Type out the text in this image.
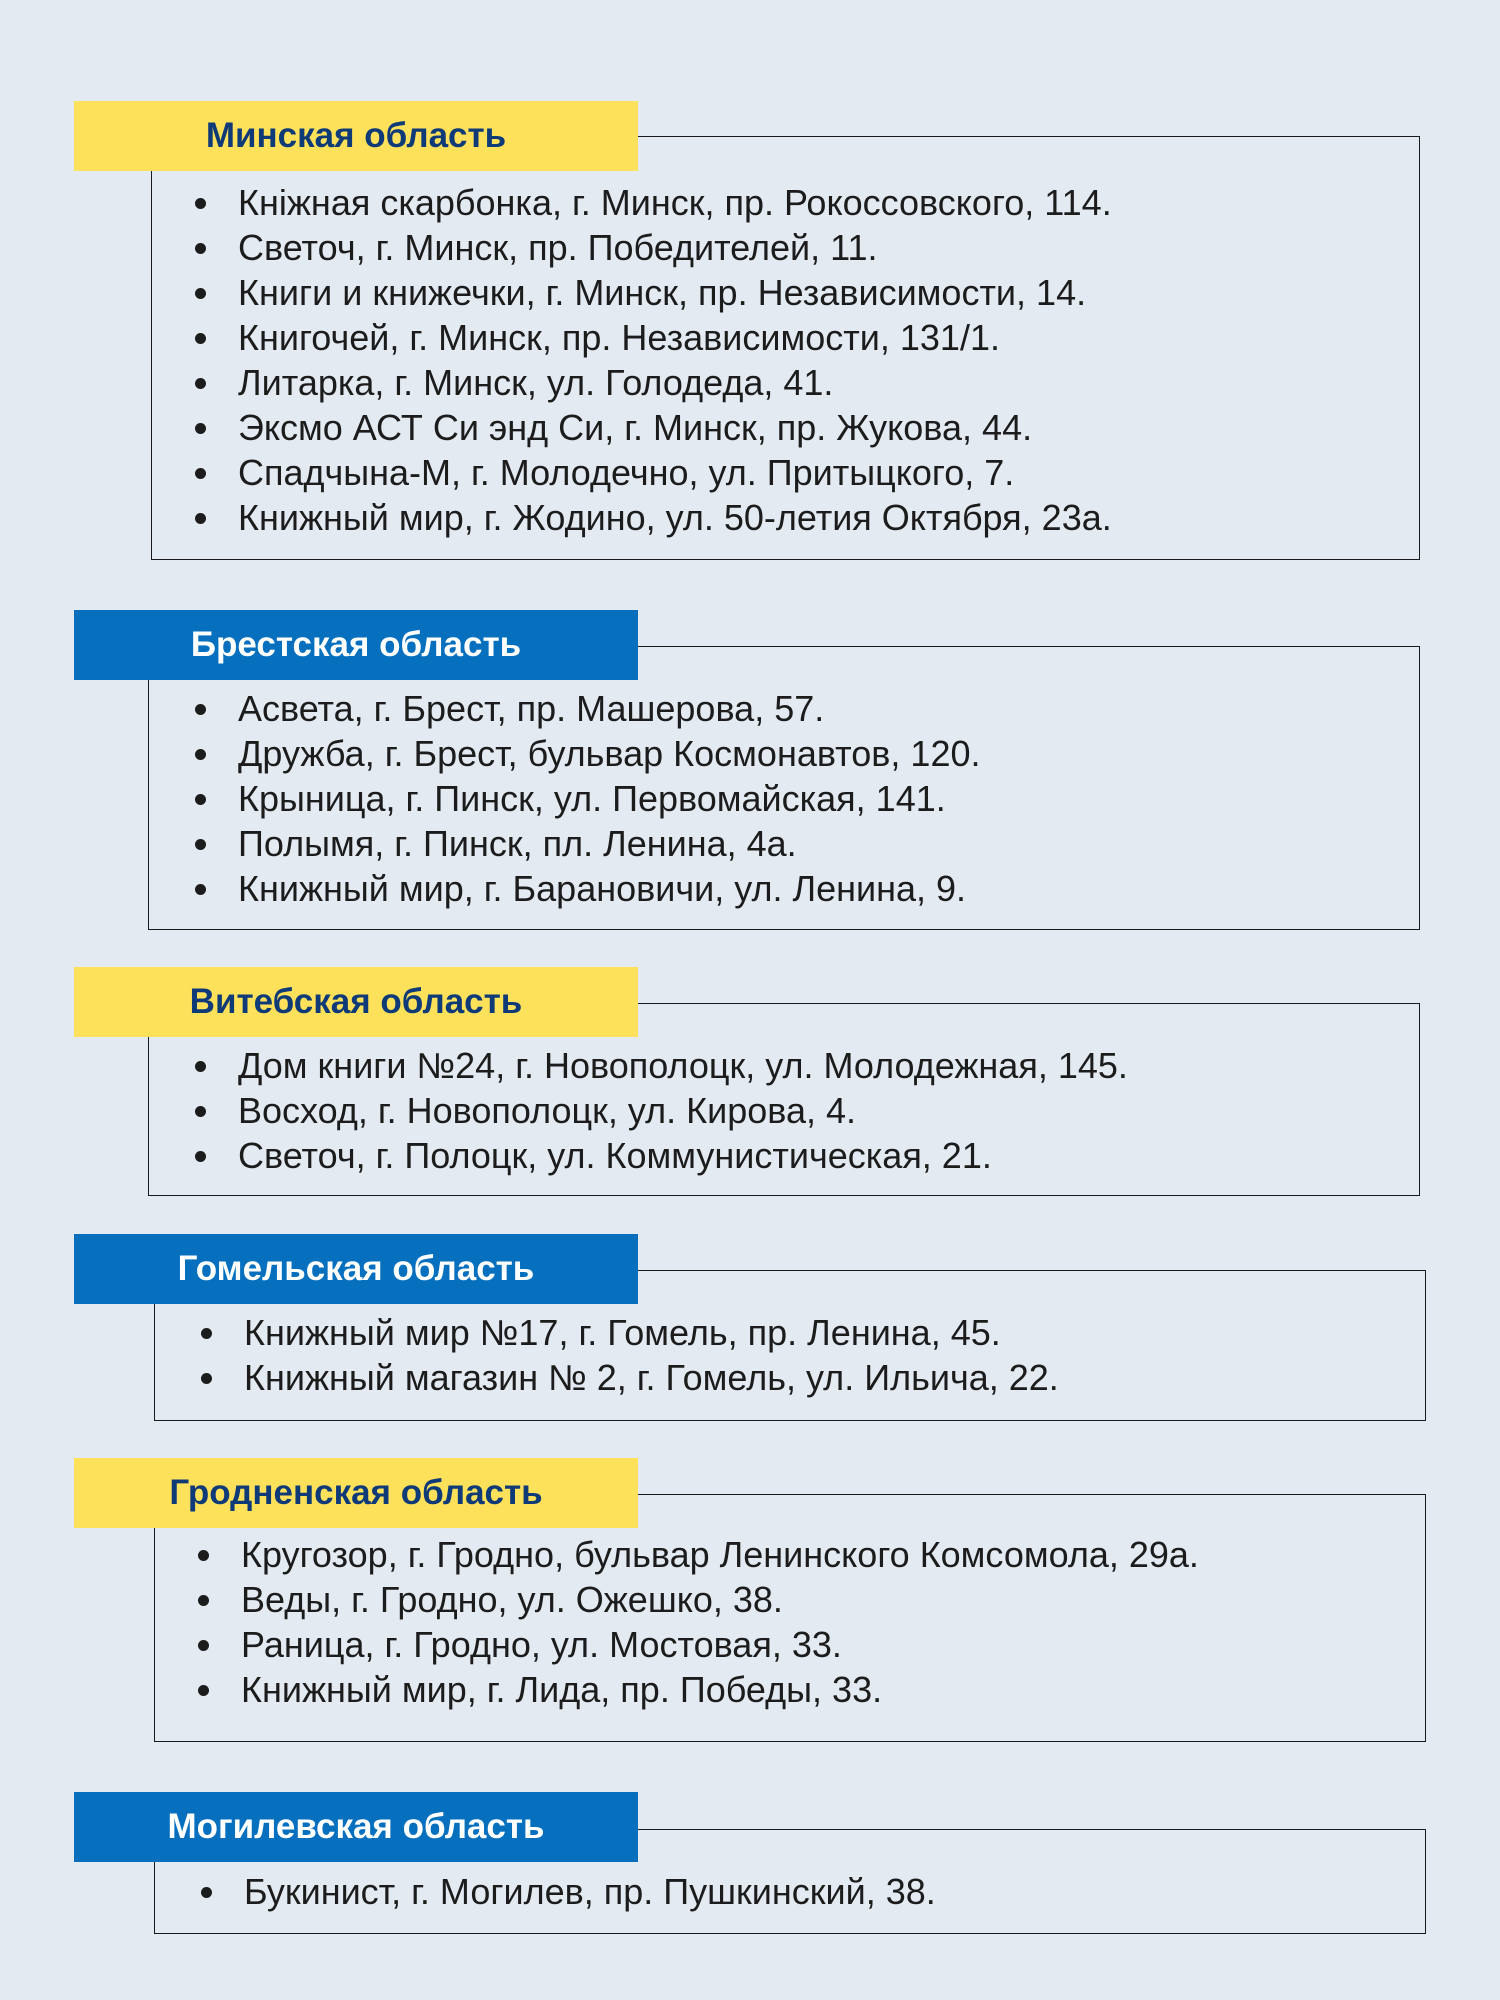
Минская область
Кніжная скарбонка, г. Минск, пр. Рокоссовского, 114.
Светоч, г. Минск, пр. Победителей, 11.
Книги и книжечки, г. Минск, пр. Независимости, 14.
Книгочей, г. Минск, пр. Независимости, 131/1.
Литарка, г. Минск, ул. Голодеда, 41.
Эксмо АСТ Си энд Си, г. Минск, пр. Жукова, 44.
Спадчына-М, г. Молодечно, ул. Притыцкого, 7.
Книжный мир, г. Жодино, ул. 50-летия Октября, 23а.
Брестская область
Асвета, г. Брест, пр. Машерова, 57.
Дружба, г. Брест, бульвар Космонавтов, 120.
Крыница, г. Пинск, ул. Первомайская, 141.
Полымя, г. Пинск, пл. Ленина, 4а.
Книжный мир, г. Барановичи, ул. Ленина, 9.
Витебская область
Дом книги №24, г. Новополоцк, ул. Молодежная, 145.
Восход, г. Новополоцк, ул. Кирова, 4.
Светоч, г. Полоцк, ул. Коммунистическая, 21.
Гомельская область
Книжный мир №17, г. Гомель, пр. Ленина, 45.
Книжный магазин № 2, г. Гомель, ул. Ильича, 22.
Гродненская область
Кругозор, г. Гродно, бульвар Ленинского Комсомола, 29а.
Веды, г. Гродно, ул. Ожешко, 38.
Раница, г. Гродно, ул. Мостовая, 33.
Книжный мир, г. Лида, пр. Победы, 33.
Могилевская область
Букинист, г. Могилев, пр. Пушкинский, 38.
